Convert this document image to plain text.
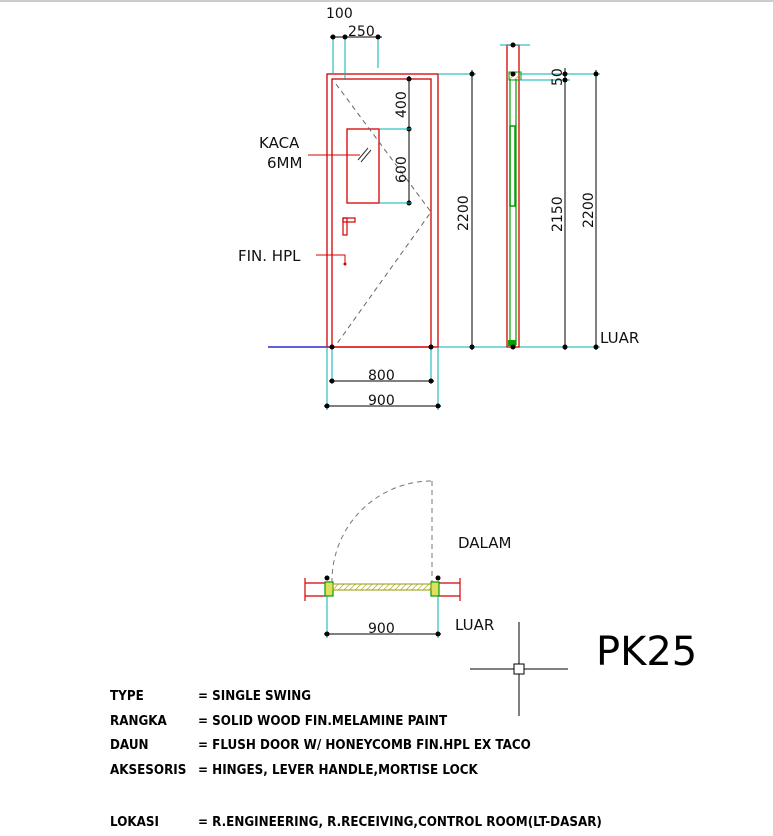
100
250
400
600
2200
800
900
KACA
6MM
FIN. HPL
50
2150 2200
LUAR
900
DALAM
LUAR
PK25
TYPE	= SINGLE SWING
RANGKA = SOLID WOOD FIN.MELAMINE PAINT
DAUN	= FLUSH DOOR W/ HONEYCOMB FIN.HPL EX TACO
AKSESORIS = HINGES, LEVER HANDLE,MORTISE LOCK
LOKASI	= R.ENGINEERING, R.RECEIVING,CONTROL ROOM(LT-DASAR)
